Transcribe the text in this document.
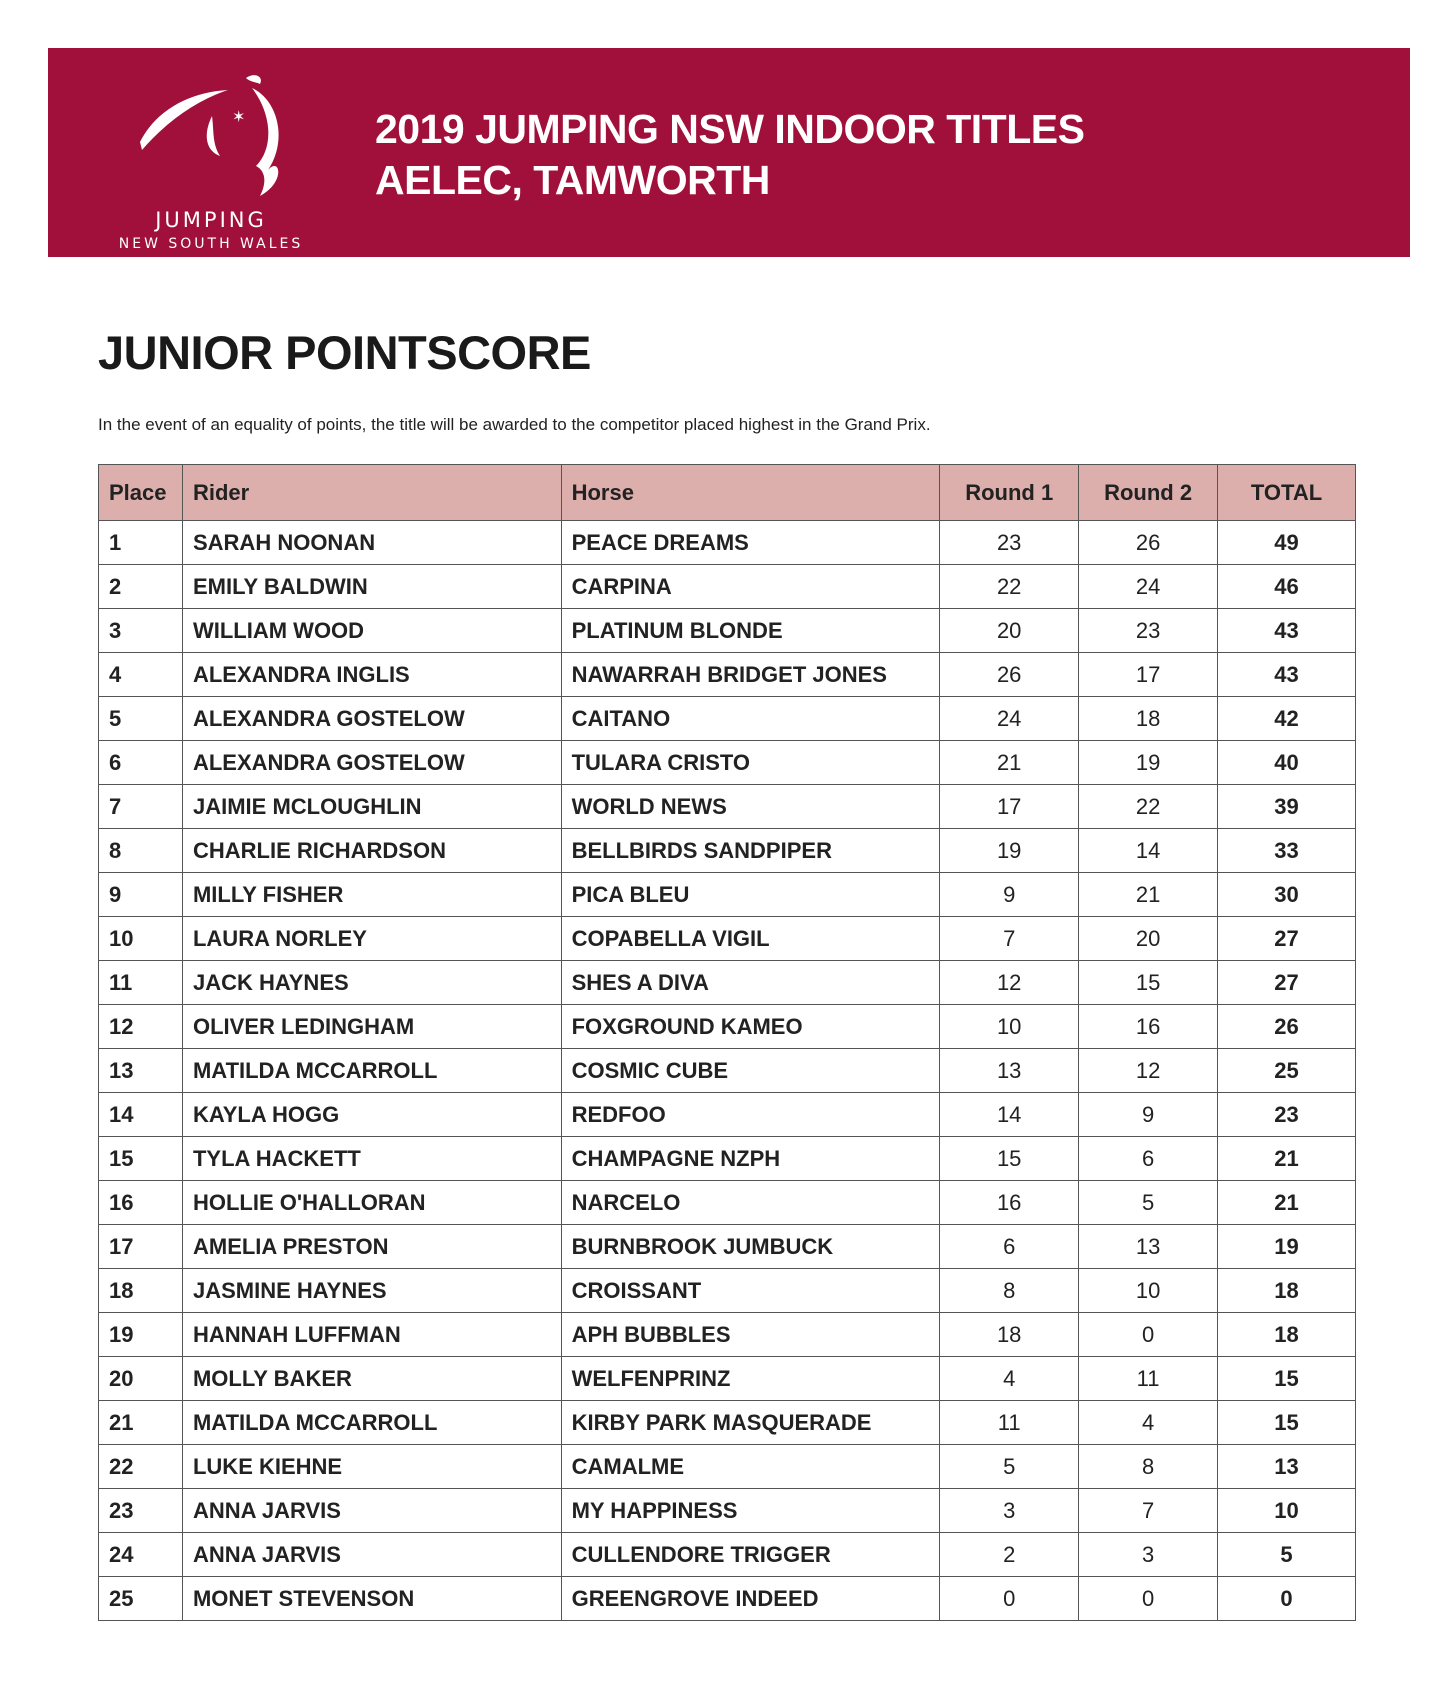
✶
JUMPING
NEW SOUTH WALES
2019 JUMPING NSW INDOOR TITLES
AELEC, TAMWORTH
JUNIOR POINTSCORE
In the event of an equality of points, the title will be awarded to the competitor placed highest in the Grand Prix.
Place	Rider	Horse	Round 1	Round 2	TOTAL
1	SARAH NOONAN	PEACE DREAMS	23	26	49
2	EMILY BALDWIN	CARPINA	22	24	46
3	WILLIAM WOOD	PLATINUM BLONDE	20	23	43
4	ALEXANDRA INGLIS	NAWARRAH BRIDGET JONES	26	17	43
5	ALEXANDRA GOSTELOW	CAITANO	24	18	42
6	ALEXANDRA GOSTELOW	TULARA CRISTO	21	19	40
7	JAIMIE MCLOUGHLIN	WORLD NEWS	17	22	39
8	CHARLIE RICHARDSON	BELLBIRDS SANDPIPER	19	14	33
9	MILLY FISHER	PICA BLEU	9	21	30
10	LAURA NORLEY	COPABELLA VIGIL	7	20	27
11	JACK HAYNES	SHES A DIVA	12	15	27
12	OLIVER LEDINGHAM	FOXGROUND KAMEO	10	16	26
13	MATILDA MCCARROLL	COSMIC CUBE	13	12	25
14	KAYLA HOGG	REDFOO	14	9	23
15	TYLA HACKETT	CHAMPAGNE NZPH	15	6	21
16	HOLLIE O'HALLORAN	NARCELO	16	5	21
17	AMELIA PRESTON	BURNBROOK JUMBUCK	6	13	19
18	JASMINE HAYNES	CROISSANT	8	10	18
19	HANNAH LUFFMAN	APH BUBBLES	18	0	18
20	MOLLY BAKER	WELFENPRINZ	4	11	15
21	MATILDA MCCARROLL	KIRBY PARK MASQUERADE	11	4	15
22	LUKE KIEHNE	CAMALME	5	8	13
23	ANNA JARVIS	MY HAPPINESS	3	7	10
24	ANNA JARVIS	CULLENDORE TRIGGER	2	3	5
25	MONET STEVENSON	GREENGROVE INDEED	0	0	0
